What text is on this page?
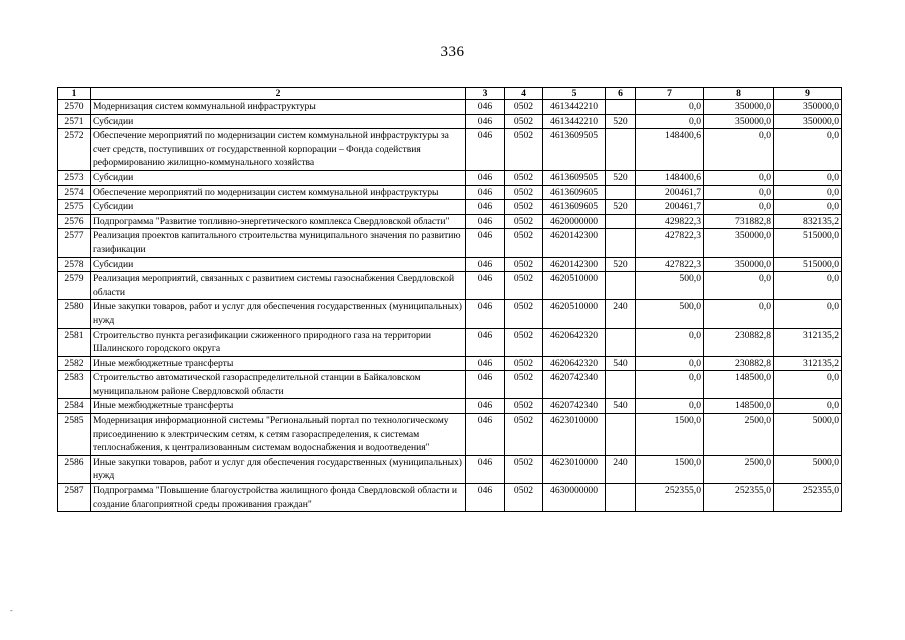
336
1	2	3	4	5	6	7	8	9
2570	Модернизация систем коммунальной инфраструктуры	046	0502	4613442210		0,0	350000,0	350000,0
2571	Субсидии	046	0502	4613442210	520	0,0	350000,0	350000,0
2572	Обеспечение мероприятий по модернизации систем коммунальной инфраструктуры за счет средств, поступивших от государственной корпорации – Фонда содействия реформированию жилищно-коммунального хозяйства	046	0502	4613609505		148400,6	0,0	0,0
2573	Субсидии	046	0502	4613609505	520	148400,6	0,0	0,0
2574	Обеспечение мероприятий по модернизации систем коммунальной инфраструктуры	046	0502	4613609605		200461,7	0,0	0,0
2575	Субсидии	046	0502	4613609605	520	200461,7	0,0	0,0
2576	Подпрограмма "Развитие топливно-энергетического комплекса Свердловской области"	046	0502	4620000000		429822,3	731882,8	832135,2
2577	Реализация проектов капитального строительства муниципального значения по развитию газификации	046	0502	4620142300		427822,3	350000,0	515000,0
2578	Субсидии	046	0502	4620142300	520	427822,3	350000,0	515000,0
2579	Реализация мероприятий, связанных с развитием системы газоснабжения Свердловской области	046	0502	4620510000		500,0	0,0	0,0
2580	Иные закупки товаров, работ и услуг для обеспечения государственных (муниципальных) нужд	046	0502	4620510000	240	500,0	0,0	0,0
2581	Строительство пункта регазификации сжиженного природного газа на территории Шалинского городского округа	046	0502	4620642320		0,0	230882,8	312135,2
2582	Иные межбюджетные трансферты	046	0502	4620642320	540	0,0	230882,8	312135,2
2583	Строительство автоматической газораспределительной станции в Байкаловском муниципальном районе Свердловской области	046	0502	4620742340		0,0	148500,0	0,0
2584	Иные межбюджетные трансферты	046	0502	4620742340	540	0,0	148500,0	0,0
2585	Модернизация информационной системы "Региональный портал по технологическому присоединению к электрическим сетям, к сетям газораспределения, к системам теплоснабжения, к централизованным системам водоснабжения и водоотведения"	046	0502	4623010000		1500,0	2500,0	5000,0
2586	Иные закупки товаров, работ и услуг для обеспечения государственных (муниципальных) нужд	046	0502	4623010000	240	1500,0	2500,0	5000,0
2587	Подпрограмма "Повышение благоустройства жилищного фонда Свердловской области и создание благоприятной среды проживания граждан"	046	0502	4630000000		252355,0	252355,0	252355,0
-
